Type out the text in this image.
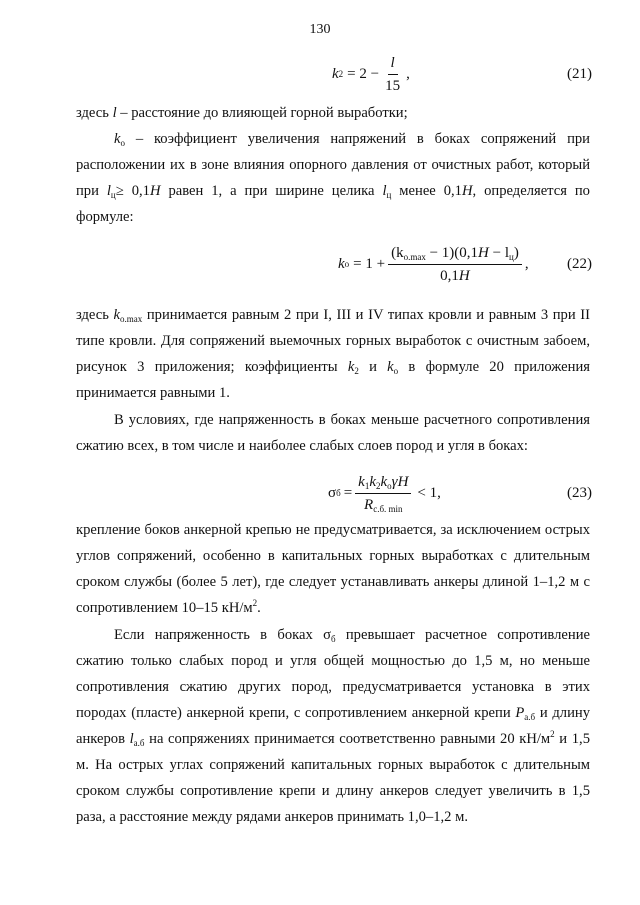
130
k $2 = 2 - \frac{l}{15}$ ,	(21)
здесь l – расстояние до влияющей горной выработки;
$k_о$ – коэффициент увеличения напряжений в боках сопряжений при расположении их в зоне влияния опорного давления от очистных работ, который при $l_ц\ge 0,1H$ равен 1, а при ширине целика $l_ц$ менее 0,1H, определяется по формуле:
k $о = 1 + \frac{(k_{о.max} - 1)(0,1H - l_ц)}{0,1H}$ ,	(22)
здесь $k_{о.max}$ принимается равным 2 при I, III и IV типах кровли и равным 3 при II типе кровли. Для сопряжений выемочных горных выработок с очистным забоем, рисунок 3 приложения; коэффициенты $k_2$ и $k_о$ в формуле 20 приложения принимается равными 1.
В условиях, где напряженность в боках меньше расчетного сопротивления сжатию всех, в том числе и наиболее слабых слоев пород и угля в боках:
σ $б = \frac{k_1k_2k_о\gamma H}{R_{с.б. min}} < 1$,	(23)
крепление боков анкерной крепью не предусматривается, за исключением острых углов сопряжений, особенно в капитальных горных выработках с длительным сроком службы (более 5 лет), где следует устанавливать анкеры длиной 1–1,2 м с сопротивлением 10–15 $кН/м^2$.
Если напряженность в боках $\sigma_б$ превышает расчетное сопротивление сжатию только слабых пород и угля общей мощностью до 1,5 м, но меньше сопротивления сжатию других пород, предусматривается установка в этих породах (пласте) анкерной крепи, с сопротивлением анкерной крепи $P_{а.б}$ и длину анкеров $l_{а.б}$ на сопряжениях принимается соответственно равными 20 $кН/м^2$ и 1,5 м. На острых углах сопряжений капитальных горных выработок с длительным сроком службы сопротивление крепи и длину анкеров следует увеличить в 1,5 раза, а расстояние между рядами анкеров принимать 1,0–1,2 м.
